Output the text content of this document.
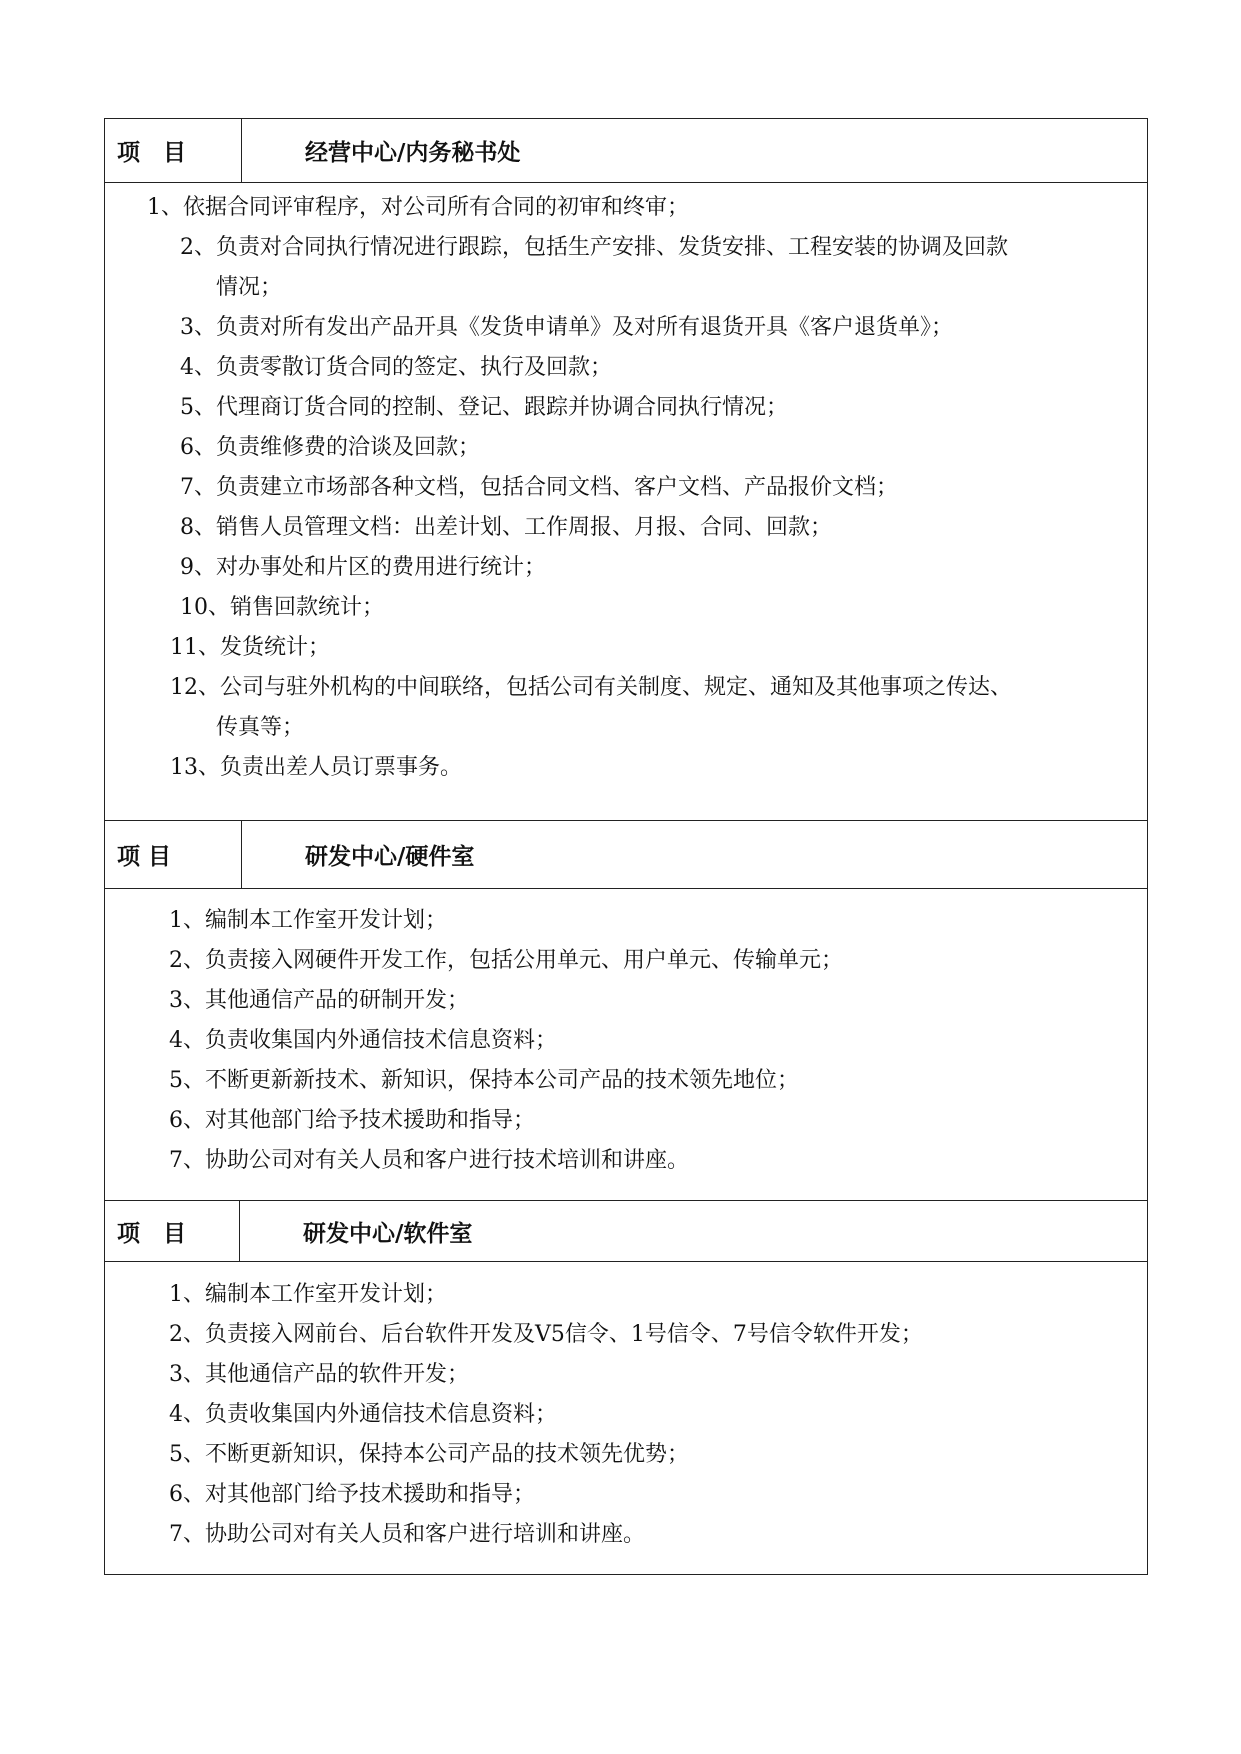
项　目	经营中心/内务秘书处
1、依据合同评审程序，对公司所有合同的初审和终审；
2、负责对合同执行情况进行跟踪，包括生产安排、发货安排、工程安装的协调及回款
情况；
3、负责对所有发出产品开具《发货申请单》及对所有退货开具《客户退货单》；
4、负责零散订货合同的签定、执行及回款；
5、代理商订货合同的控制、登记、跟踪并协调合同执行情况；
6、负责维修费的洽谈及回款；
7、负责建立市场部各种文档，包括合同文档、客户文档、产品报价文档；
8、销售人员管理文档：出差计划、工作周报、月报、合同、回款；
9、对办事处和片区的费用进行统计；
10、销售回款统计；
11、发货统计；
12、公司与驻外机构的中间联络，包括公司有关制度、规定、通知及其他事项之传达、
传真等；
13、负责出差人员订票事务。
项 目	研发中心/硬件室
1、编制本工作室开发计划；
2、负责接入网硬件开发工作，包括公用单元、用户单元、传输单元；
3、其他通信产品的研制开发；
4、负责收集国内外通信技术信息资料；
5、不断更新新技术、新知识，保持本公司产品的技术领先地位；
6、对其他部门给予技术援助和指导；
7、协助公司对有关人员和客户进行技术培训和讲座。
项　目	研发中心/软件室
1、编制本工作室开发计划；
2、负责接入网前台、后台软件开发及V5信令、1号信令、7号信令软件开发；
3、其他通信产品的软件开发；
4、负责收集国内外通信技术信息资料；
5、不断更新知识，保持本公司产品的技术领先优势；
6、对其他部门给予技术援助和指导；
7、协助公司对有关人员和客户进行培训和讲座。
